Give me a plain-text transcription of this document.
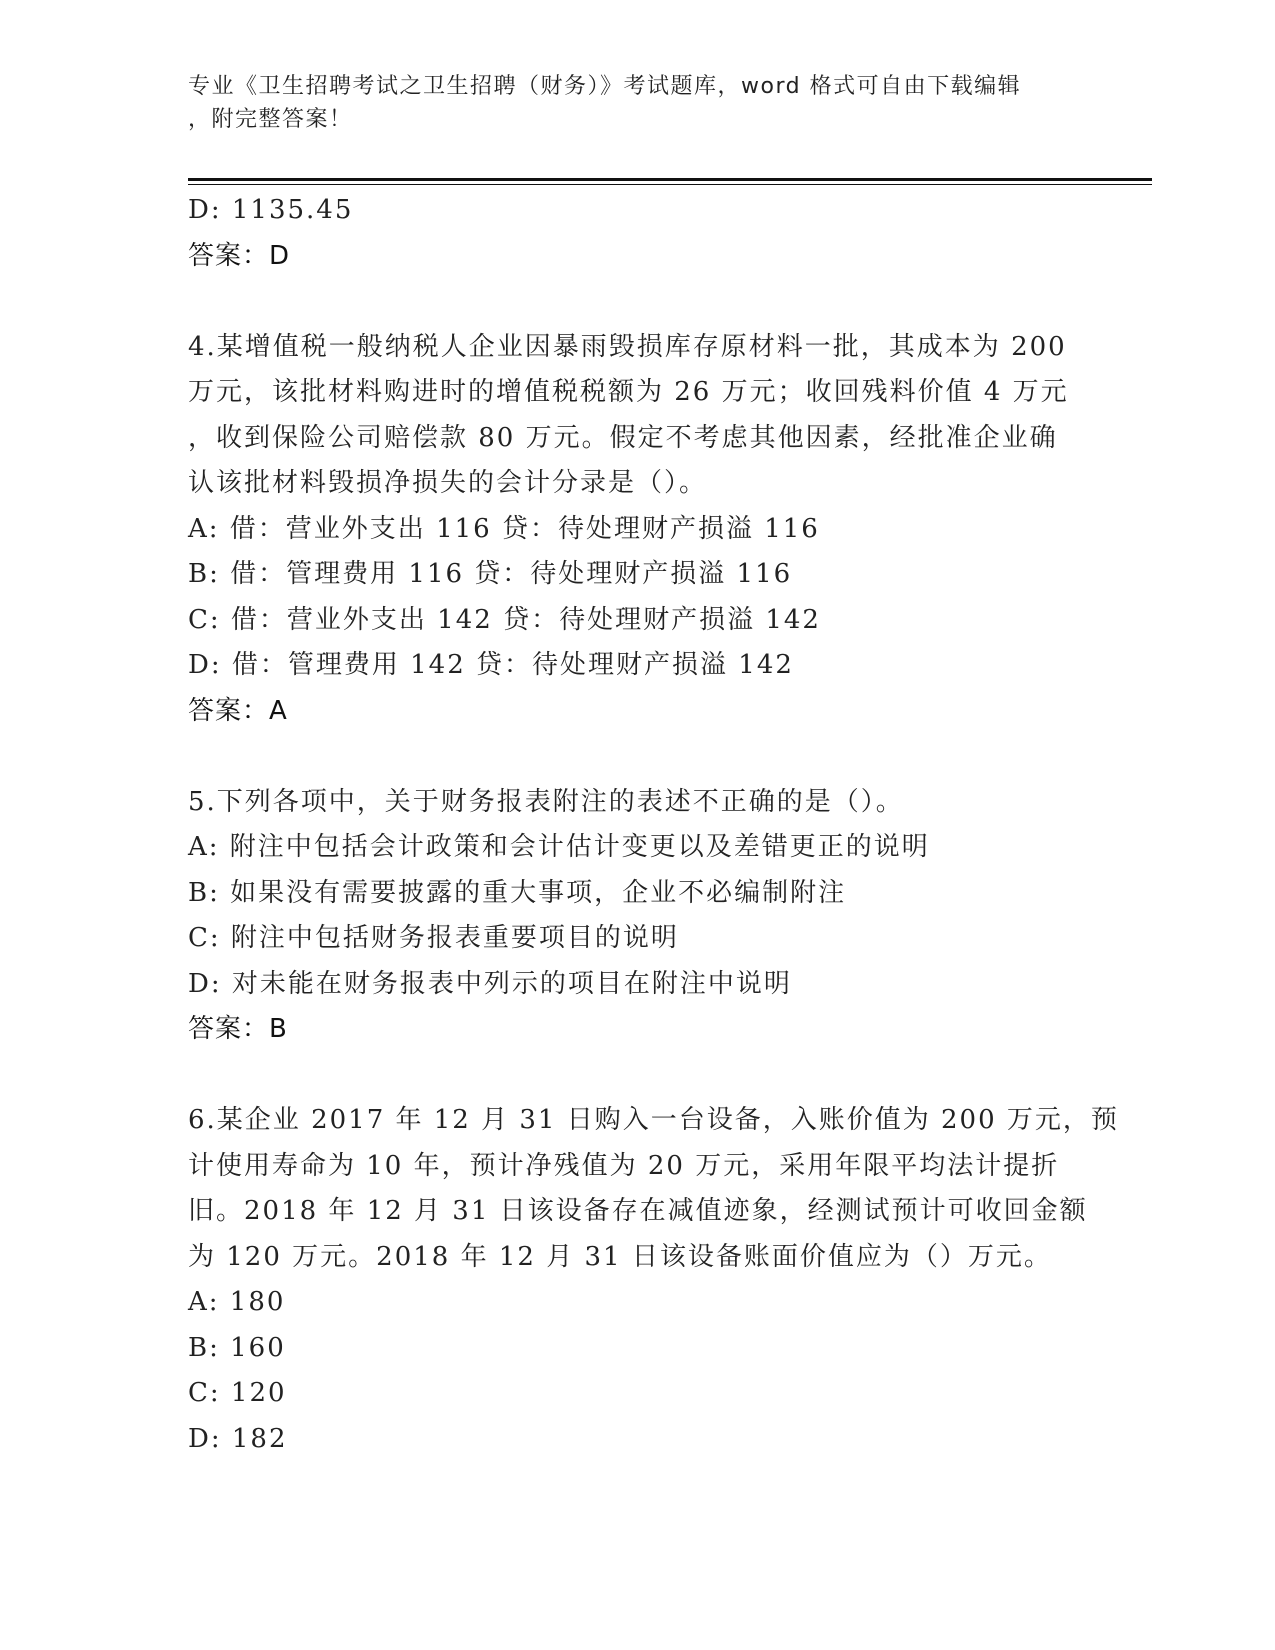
专业《卫生招聘考试之卫生招聘（财务）》考试题库，word 格式可自由下载编辑
，附完整答案！
D: 1135.45
答案：D
4.某增值税一般纳税人企业因暴雨毁损库存原材料一批，其成本为 200
万元，该批材料购进时的增值税税额为 26 万元；收回残料价值 4 万元
，收到保险公司赔偿款 80 万元。假定不考虑其他因素，经批准企业确
认该批材料毁损净损失的会计分录是（）。
A: 借：营业外支出 116 贷：待处理财产损溢 116
B: 借：管理费用 116 贷：待处理财产损溢 116
C: 借：营业外支出 142 贷：待处理财产损溢 142
D: 借：管理费用 142 贷：待处理财产损溢 142
答案：A
5.下列各项中，关于财务报表附注的表述不正确的是（）。
A: 附注中包括会计政策和会计估计变更以及差错更正的说明
B: 如果没有需要披露的重大事项，企业不必编制附注
C: 附注中包括财务报表重要项目的说明
D: 对未能在财务报表中列示的项目在附注中说明
答案：B
6.某企业 2017 年 12 月 31 日购入一台设备，入账价值为 200 万元，预
计使用寿命为 10 年，预计净残值为 20 万元，采用年限平均法计提折
旧。2018 年 12 月 31 日该设备存在减值迹象，经测试预计可收回金额
为 120 万元。2018 年 12 月 31 日该设备账面价值应为（）万元。
A: 180
B: 160
C: 120
D: 182
